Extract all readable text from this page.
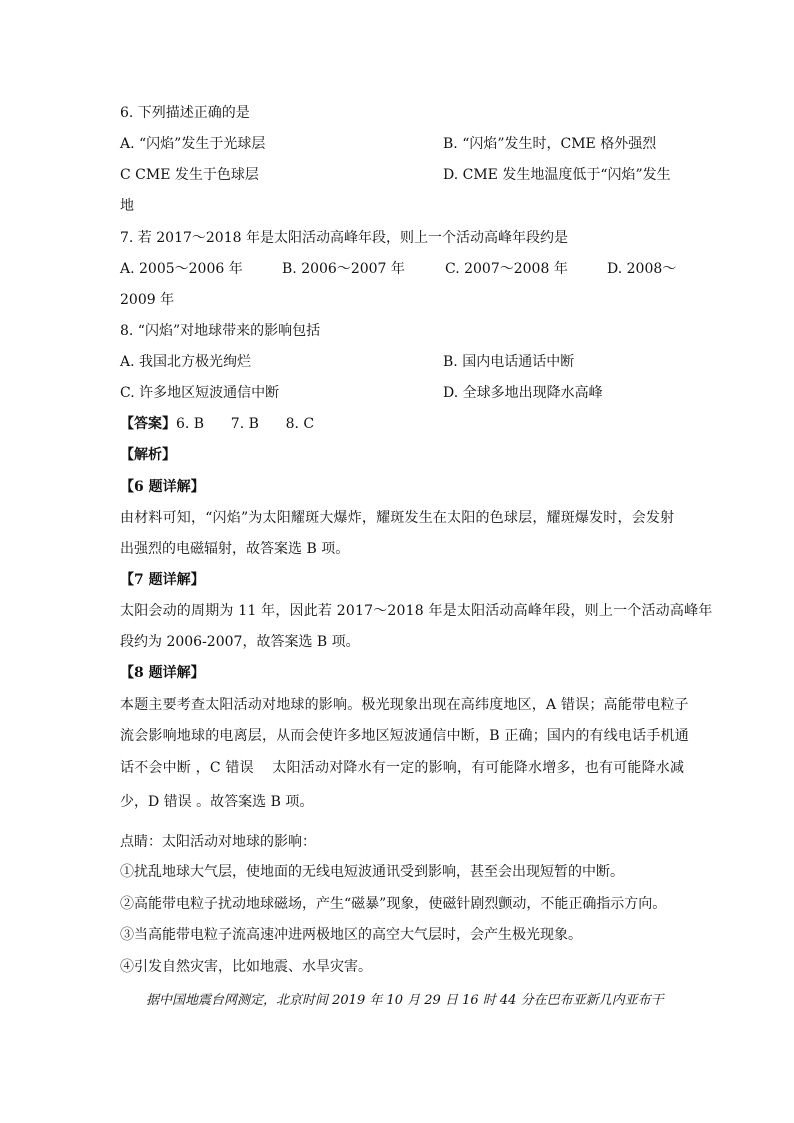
6. 下列描述正确的是
A. “闪焰”发生于光球层	B. “闪焰”发生时，CME 格外强烈
C CME 发生于色球层	D. CME 发生地温度低于“闪焰”发生
地
7. 若 2017～2018 年是太阳活动高峰年段，则上一个活动高峰年段约是
A. 2005～2006 年	B. 2006～2007 年	C. 2007～2008 年	D. 2008～
2009 年
8. “闪焰”对地球带来的影响包括
A. 我国北方极光绚烂	B. 国内电话通话中断
C. 许多地区短波通信中断	D. 全球多地出现降水高峰
【答案】6. B      7. B      8. C
【解析】
【6 题详解】
由材料可知，“闪焰”为太阳耀斑大爆炸，耀斑发生在太阳的色球层，耀斑爆发时，会发射
出强烈的电磁辐射，故答案选 B 项。
【7 题详解】
太阳会动的周期为 11 年，因此若 2017～2018 年是太阳活动高峰年段，则上一个活动高峰年
段约为 2006-2007，故答案选 B 项。
【8 题详解】
本题主要考查太阳活动对地球的影响。极光现象出现在高纬度地区，A 错误；高能带电粒子
流会影响地球的电离层，从而会使许多地区短波通信中断，B 正确；国内的有线电话手机通
话不会中断 ，C 错误    太阳活动对降水有一定的影响，有可能降水增多，也有可能降水减
少，D 错误 。故答案选 B 项。
点睛：太阳活动对地球的影响：
①扰乱地球大气层，使地面的无线电短波通讯受到影响，甚至会出现短暂的中断。
②高能带电粒子扰动地球磁场，产生“磁暴”现象，使磁针剧烈颤动，不能正确指示方向。
③当高能带电粒子流高速冲进两极地区的高空大气层时，会产生极光现象。
④引发自然灾害，比如地震、水旱灾害。
据中国地震台网测定，北京时间 2019 年 10 月 29 日 16 时 44 分在巴布亚新几内亚布干
